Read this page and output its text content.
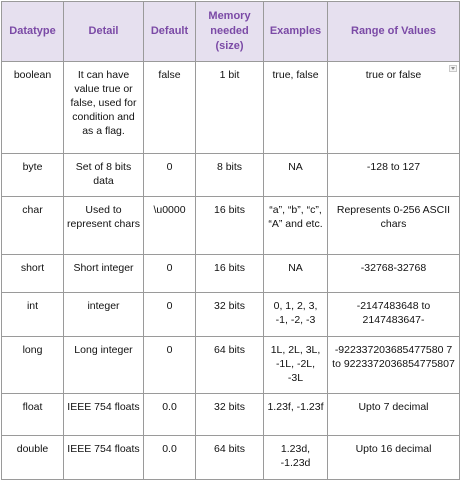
Datatype	Detail	Default	Memory needed (size)	Examples	Range of Values
boolean	It can have value true or false, used for condition and as a flag.	false	1 bit	true, false	true or false

byte	Set of 8 bits data	0	8 bits	NA	-128 to 127
char	Used to represent chars	\u0000	16 bits	“a”, “b”, “c”, “A” and etc.	Represents 0-256 ASCII chars
short	Short integer	0	16 bits	NA	-32768-32768
int	integer	0	32 bits	0, 1, 2, 3, -1, -2, -3	-2147483648 to 2147483647-
long	Long integer	0	64 bits	1L, 2L, 3L, -1L, -2L, -3L	-922337203685477580 7 to 9223372036854775807
float	IEEE 754 floats	0.0	32 bits	1.23f, -1.23f	Upto 7 decimal
double	IEEE 754 floats	0.0	64 bits	1.23d, -1.23d	Upto 16 decimal
